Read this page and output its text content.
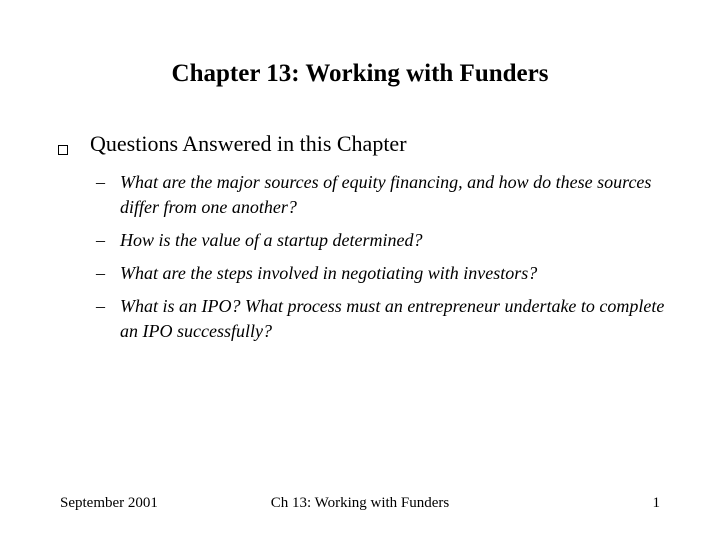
Chapter 13: Working with Funders
Questions Answered in this Chapter
– What are the major sources of equity financing, and how do these sources differ from one another?
– How is the value of a startup determined?
– What are the steps involved in negotiating with investors?
– What is an IPO? What process must an entrepreneur undertake to complete an IPO successfully?
September 2001	Ch 13: Working with Funders	1
